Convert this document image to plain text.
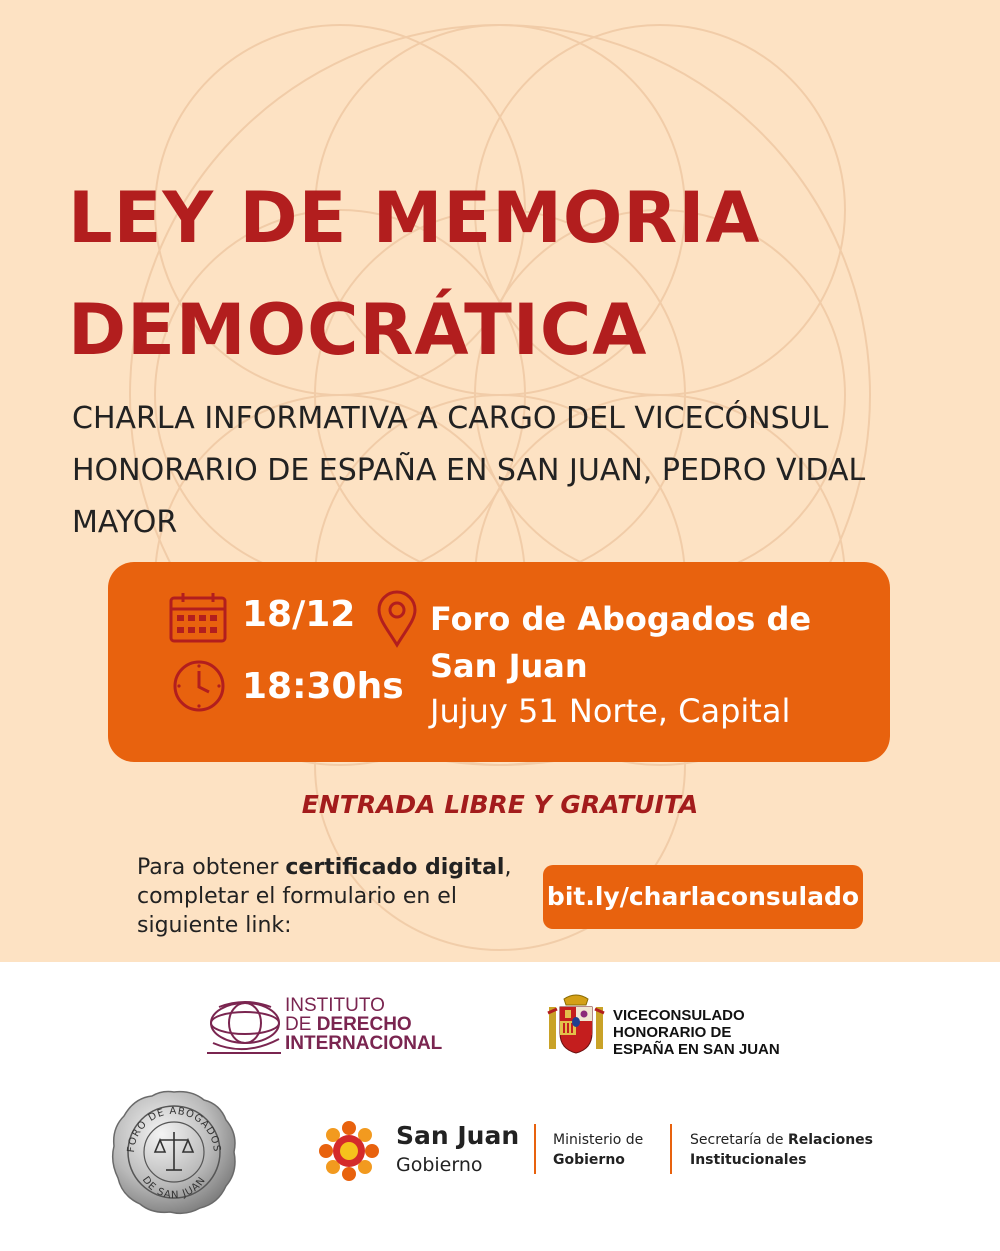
LEY DE MEMORIA
DEMOCRÁTICA

CHARLA INFORMATIVA A CARGO DEL VICECÓNSUL HONORARIO DE ESPAÑA EN SAN JUAN, PEDRO VIDAL MAYOR

18/12
18:30hs
Foro de Abogados de San Juan
Jujuy 51 Norte, Capital
ENTRADA LIBRE Y GRATUITA
Para obtener certificado digital, completar el formulario en el siguiente link:
bit.ly/charlaconsulado
INSTITUTO
DE DERECHO
INTERNACIONAL
VICECONSULADO
HONORARIO DE
ESPAÑA EN SAN JUAN
FORO DE ABOGADOS
DE SAN JUAN
San Juan
Gobierno
Ministerio de
Gobierno
Secretaría de Relaciones
Institucionales
